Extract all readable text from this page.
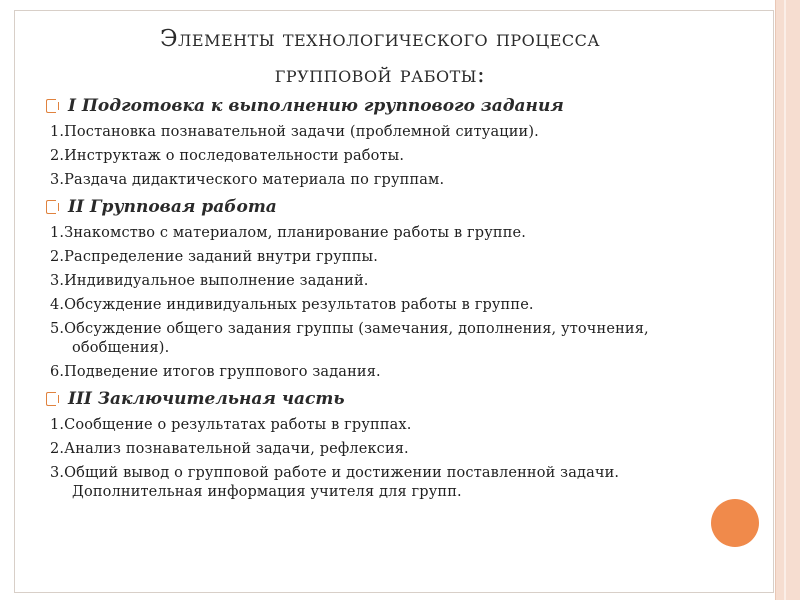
Элементы технологического процесса
групповой работы:
I Подготовка к выполнению группового задания
1.Постановка познавательной задачи (проблемной ситуации).
2.Инструктаж о последовательности работы.
3.Раздача дидактического материала по группам.
II Групповая работа
1.Знакомство с материалом, планирование работы в группе.
2.Распределение заданий внутри группы.
3.Индивидуальное выполнение заданий.
4.Обсуждение индивидуальных результатов работы в группе.
5.Обсуждение общего задания группы (замечания, дополнения, уточнения, обобщения).
6.Подведение итогов группового задания.
III Заключительная часть
1.Сообщение о результатах работы в группах.
2.Анализ познавательной задачи, рефлексия.
3.Общий вывод о групповой работе и достижении поставленной задачи. Дополнительная информация учителя для групп.
